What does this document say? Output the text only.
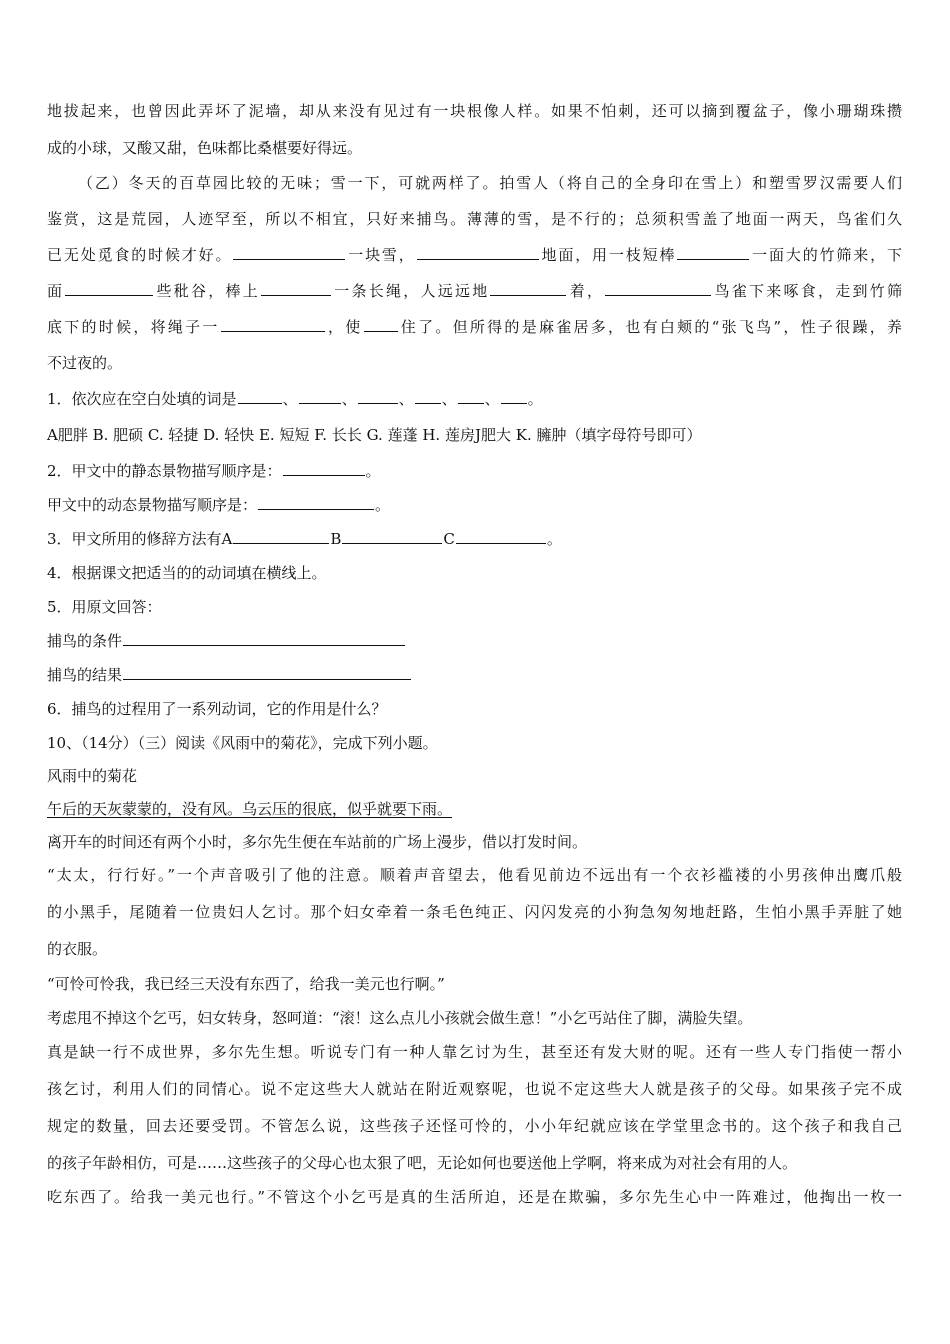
地拔起来，也曾因此弄坏了泥墙，却从来没有见过有一块根像人样。如果不怕刺，还可以摘到覆盆子，像小珊瑚珠攒
成的小球，又酸又甜，色味都比桑椹要好得远。
（乙）冬天的百草园比较的无味；雪一下，可就两样了。拍雪人（将自己的全身印在雪上）和塑雪罗汉需要人们
鉴赏，这是荒园，人迹罕至，所以不相宜，只好来捕鸟。薄薄的雪，是不行的；总须积雪盖了地面一两天，鸟雀们久
已无处觅食的时候才好。	一块雪，	地面，用一枝短棒	一面大的竹筛来，下
面	些秕谷，棒上	一条长绳，人远远地	着，	鸟雀下来啄食，走到竹筛
底下的时候，将绳子一	，使 住了。但所得的是麻雀居多，也有白颊的“张飞鸟”，性子很躁，养
不过夜的。
1．依次应在空白处填的词是	、	、	、 、 、 。
A肥胖 B. 肥硕 C. 轻捷 D. 轻快 E. 短短 F. 长长 G. 莲蓬 H. 莲房J肥大 K. 臃肿（填字母符号即可）
2．甲文中的静态景物描写顺序是：	。
甲文中的动态景物描写顺序是：	。
3．甲文所用的修辞方法有A	B	C	。
4．根据课文把适当的的动词填在横线上。
5．用原文回答：
捕鸟的条件
捕鸟的结果
6．捕鸟的过程用了一系列动词，它的作用是什么？
10、（14分）（三）阅读《风雨中的菊花》，完成下列小题。
风雨中的菊花
午后的天灰蒙蒙的，没有风。乌云压的很底，似乎就要下雨。
离开车的时间还有两个小时，多尔先生便在车站前的广场上漫步，借以打发时间。
“太太，行行好。”一个声音吸引了他的注意。顺着声音望去，他看见前边不远出有一个衣衫褴褛的小男孩伸出鹰爪般
的小黑手，尾随着一位贵妇人乞讨。那个妇女牵着一条毛色纯正、闪闪发亮的小狗急匆匆地赶路，生怕小黑手弄脏了她
的衣服。
“可怜可怜我，我已经三天没有东西了，给我一美元也行啊。”
考虑甩不掉这个乞丐，妇女转身，怒呵道：“滚！这么点儿小孩就会做生意！”小乞丐站住了脚，满脸失望。
真是缺一行不成世界，多尔先生想。听说专门有一种人靠乞讨为生，甚至还有发大财的呢。还有一些人专门指使一帮小
孩乞讨，利用人们的同情心。说不定这些大人就站在附近观察呢，也说不定这些大人就是孩子的父母。如果孩子完不成
规定的数量，回去还要受罚。不管怎么说，这些孩子还怪可怜的，小小年纪就应该在学堂里念书的。这个孩子和我自己
的孩子年龄相仿，可是……这些孩子的父母心也太狠了吧，无论如何也要送他上学啊，将来成为对社会有用的人。
吃东西了。给我一美元也行。”不管这个小乞丐是真的生活所迫，还是在欺骗，多尔先生心中一阵难过，他掏出一枚一
